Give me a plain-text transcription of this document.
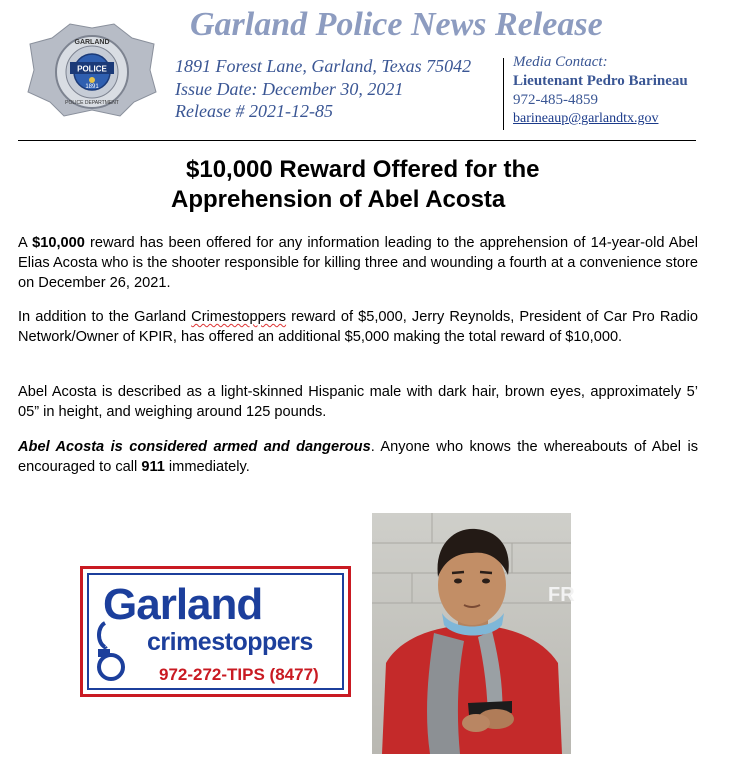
POLICE
GARLAND
1891
POLICE DEPARTMENT
Garland Police News Release
1891 Forest Lane, Garland, Texas 75042
Issue Date: December 30, 2021
Release # 2021-12-85
Media Contact:
Lieutenant Pedro Barineau
972-485-4859
barineaup@garlandtx.gov
$10,000 Reward Offered for the
Apprehension of Abel Acosta
A $10,000 reward has been offered for any information leading to the apprehension of 14-year-old Abel Elias Acosta who is the shooter responsible for killing three and wounding a fourth at a convenience store on December 26, 2021.
In addition to the Garland Crimestoppers reward of $5,000, Jerry Reynolds, President of Car Pro Radio Network/Owner of KPIR, has offered an additional $5,000 making the total reward of $10,000.
Abel Acosta is described as a light-skinned Hispanic male with dark hair, brown eyes, approximately 5’ 05” in height, and weighing around 125 pounds.
Abel Acosta is considered armed and dangerous. Anyone who knows the whereabouts of Abel is encouraged to call 911 immediately.
Garland
crimestoppers
972-272-TIPS (8477)
FR
